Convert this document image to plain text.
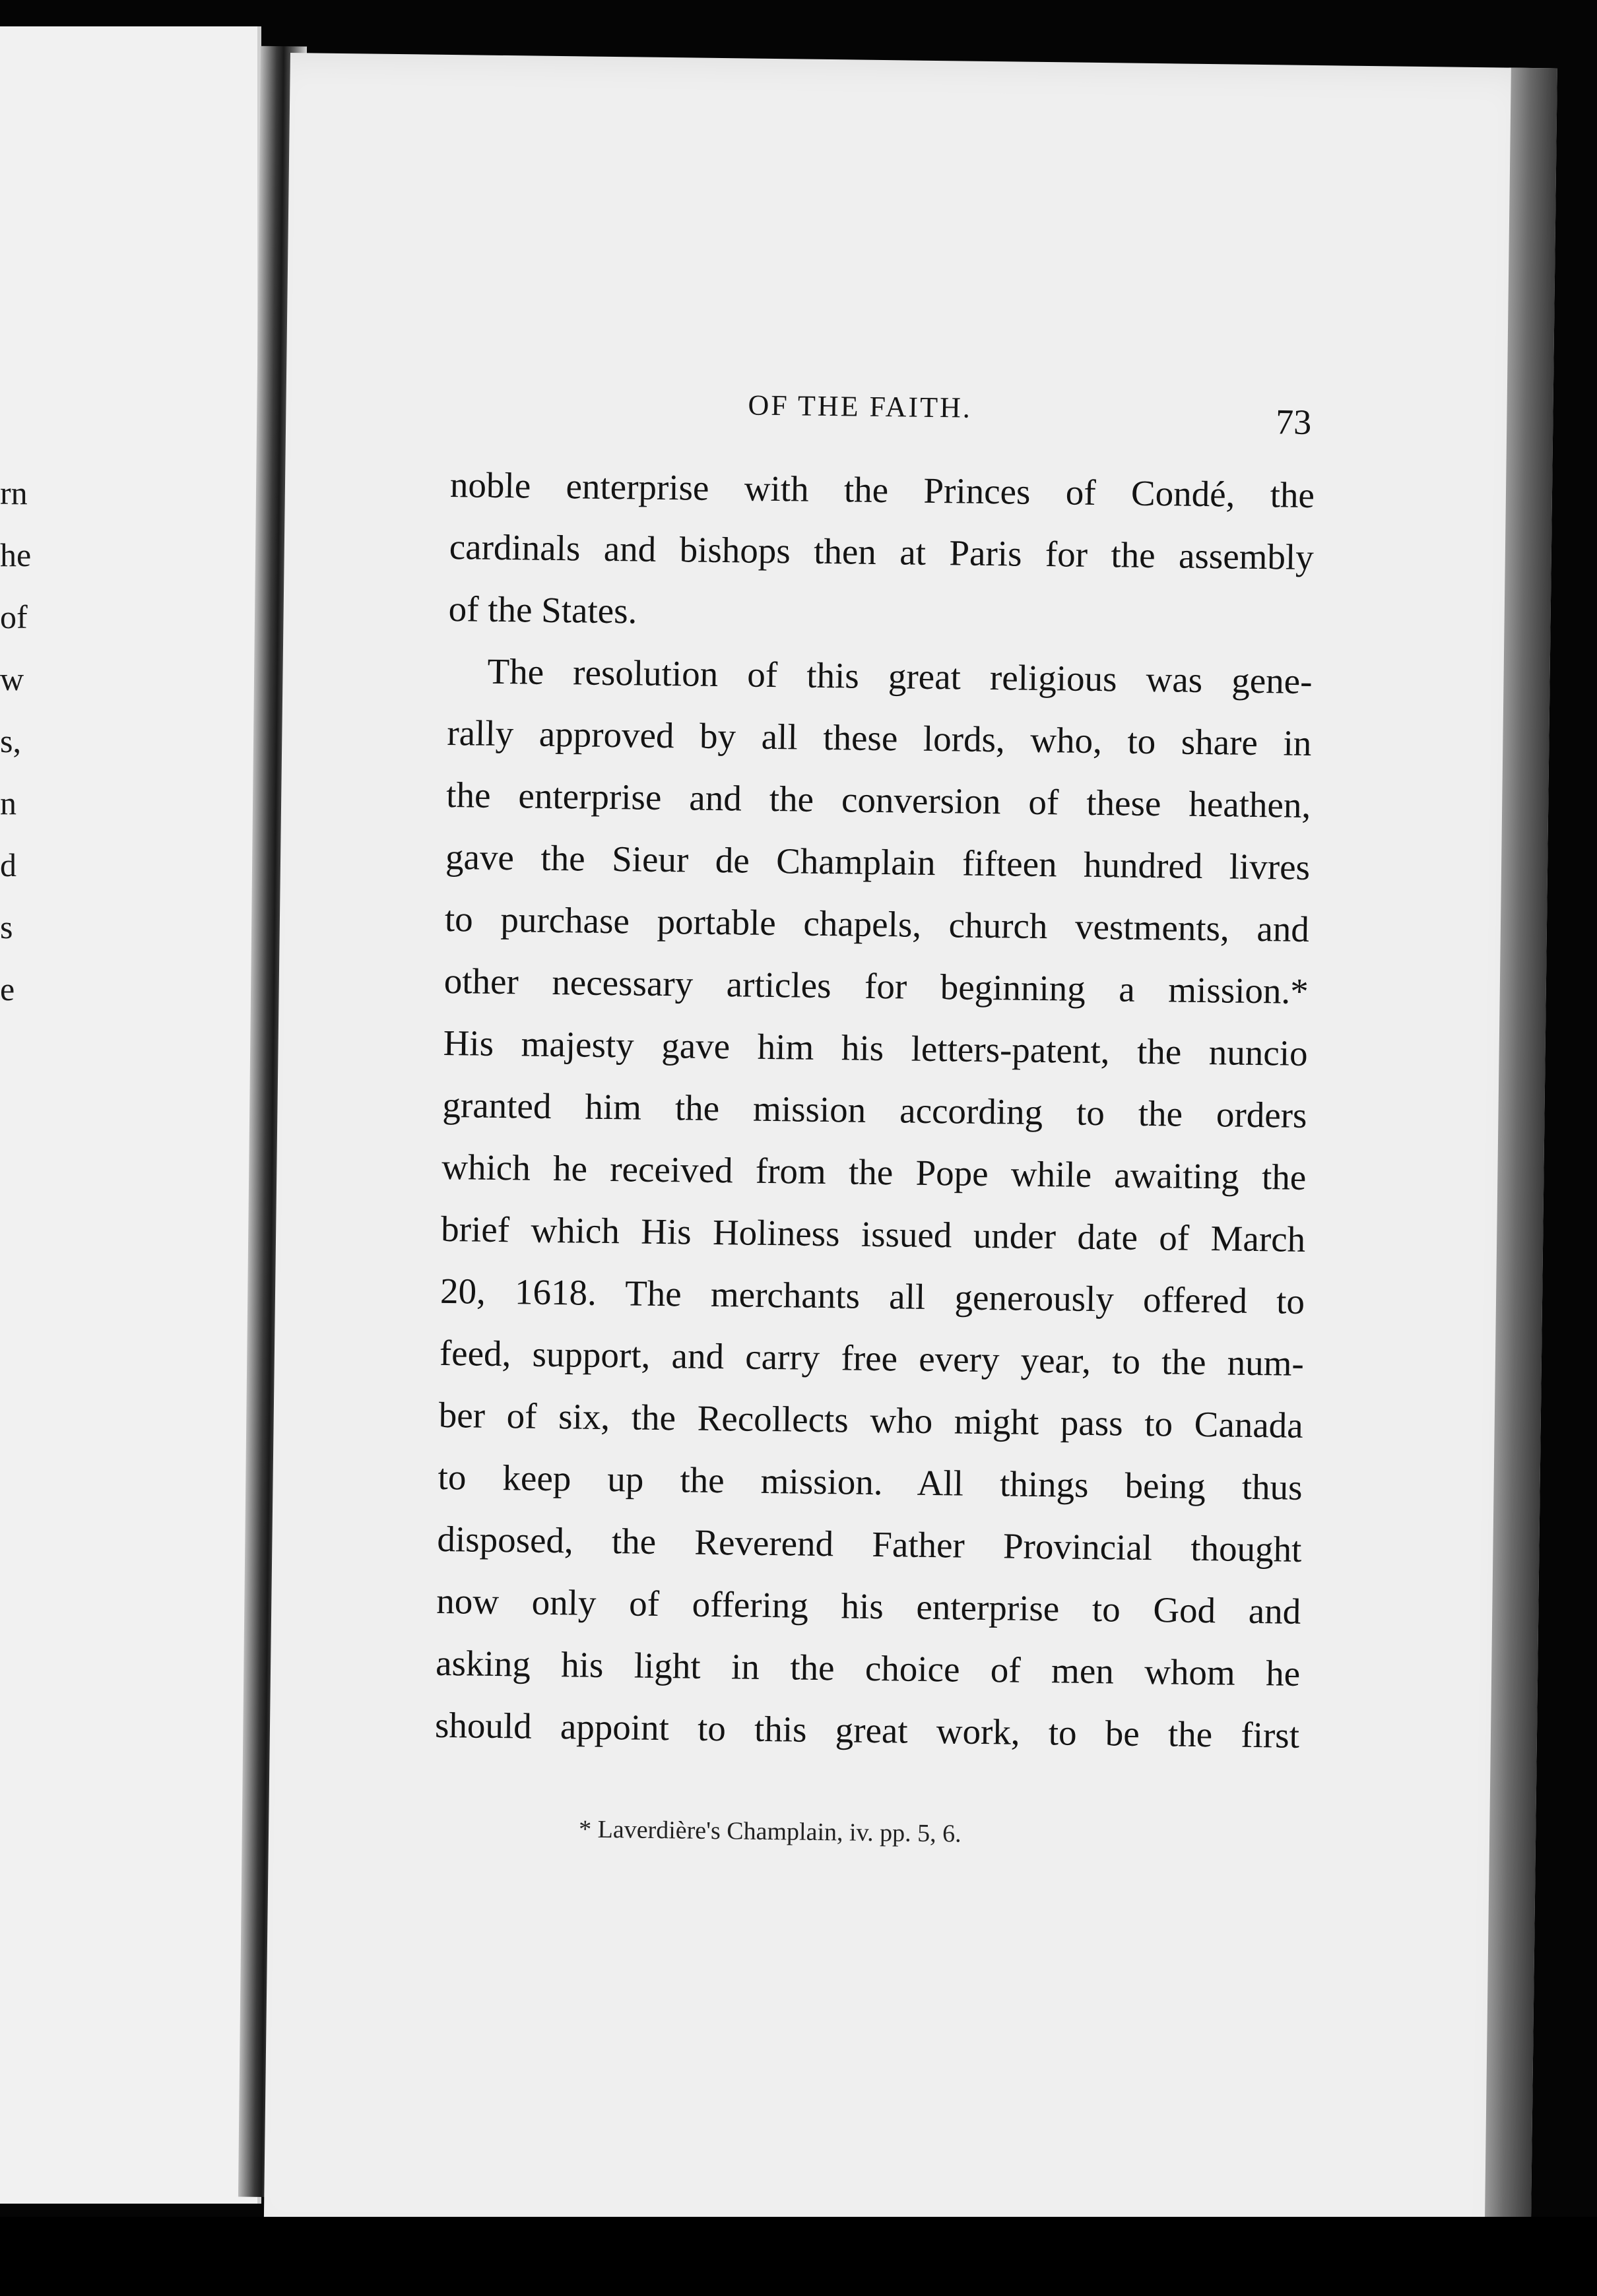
rn
he
of
w
s,
n
d
s
e
OF THE FAITH.	73
noble enterprise with the Princes of Condé, the
cardinals and bishops then at Paris for the assembly
of the States.
The resolution of this great religious was gene-
rally approved by all these lords, who, to share in
the enterprise and the conversion of these heathen,
gave the Sieur de Champlain fifteen hundred livres
to purchase portable chapels, church vestments, and
other necessary articles for beginning a mission.*
His majesty gave him his letters-patent, the nuncio
granted him the mission according to the orders
which he received from the Pope while awaiting the
brief which His Holiness issued under date of March
20, 1618. The merchants all generously offered to
feed, support, and carry free every year, to the num-
ber of six, the Recollects who might pass to Canada
to keep up the mission. All things being thus
disposed, the Reverend Father Provincial thought
now only of offering his enterprise to God and
asking his light in the choice of men whom he
should appoint to this great work, to be the first
* Laverdière's Champlain, iv. pp. 5, 6.
